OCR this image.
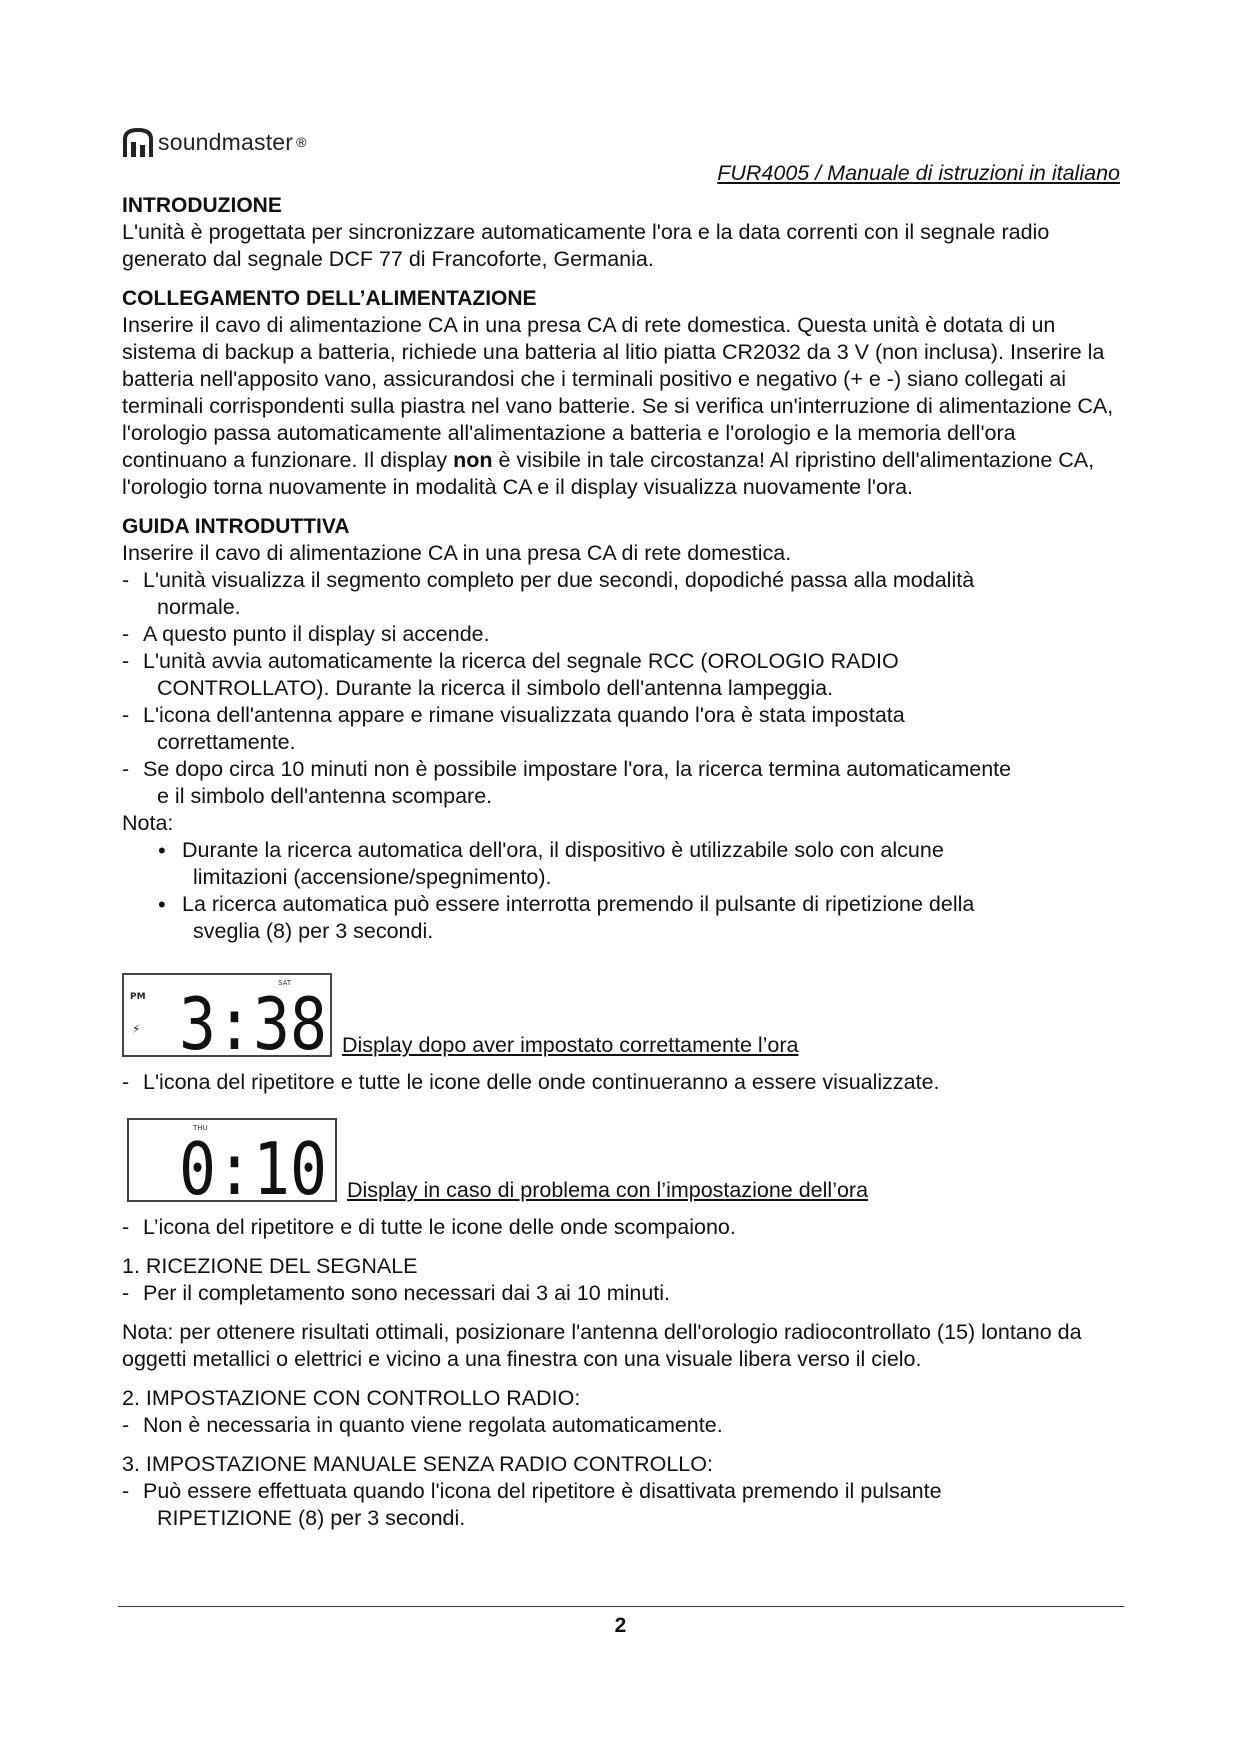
soundmaster ®
FUR4005 / Manuale di istruzioni in italiano
INTRODUZIONE

L'unità è progettata per sincronizzare automaticamente l'ora e la data correnti con il segnale radio generato dal segnale DCF 77 di Francoforte, Germania.

COLLEGAMENTO DELL’ALIMENTAZIONE

Inserire il cavo di alimentazione CA in una presa CA di rete domestica. Questa unità è dotata di un sistema di backup a batteria, richiede una batteria al litio piatta CR2032 da 3 V (non inclusa). Inserire la batteria nell'apposito vano, assicurandosi che i terminali positivo e negativo (+ e -) siano collegati ai terminali corrispondenti sulla piastra nel vano batterie. Se si verifica un'interruzione di alimentazione CA, l'orologio passa automaticamente all'alimentazione a batteria e l'orologio e la memoria dell'ora continuano a funzionare. Il display non è visibile in tale circostanza! Al ripristino dell'alimentazione CA, l'orologio torna nuovamente in modalità CA e il display visualizza nuovamente l'ora.

GUIDA INTRODUTTIVA

Inserire il cavo di alimentazione CA in una presa CA di rete domestica.

- L'unità visualizza il segmento completo per due secondi, dopodiché passa alla modalità
normale.
- A questo punto il display si accende.
- L'unità avvia automaticamente la ricerca del segnale RCC (OROLOGIO RADIO
CONTROLLATO). Durante la ricerca il simbolo dell'antenna lampeggia.
- L'icona dell'antenna appare e rimane visualizzata quando l'ora è stata impostata
correttamente.
- Se dopo circa 10 minuti non è possibile impostare l'ora, la ricerca termina automaticamente
e il simbolo dell'antenna scompare.

Nota:

• Durante la ricerca automatica dell'ora, il dispositivo è utilizzabile solo con alcune
limitazioni (accensione/spegnimento).
• La ricerca automatica può essere interrotta premendo il pulsante di ripetizione della
sveglia (8) per 3 secondi.
PM
⚡
SAT
3:38 Display dopo aver impostato correttamente l’ora
- L'icona del ripetitore e tutte le icone delle onde continueranno a essere visualizzate.
THU
0:10 Display in caso di problema con l’impostazione dell’ora
- L’icona del ripetitore e di tutte le icone delle onde scompaiono.

1. RICEZIONE DEL SEGNALE

- Per il completamento sono necessari dai 3 ai 10 minuti.

Nota: per ottenere risultati ottimali, posizionare l'antenna dell'orologio radiocontrollato (15) lontano da oggetti metallici o elettrici e vicino a una finestra con una visuale libera verso il cielo.

2. IMPOSTAZIONE CON CONTROLLO RADIO:

- Non è necessaria in quanto viene regolata automaticamente.

3. IMPOSTAZIONE MANUALE SENZA RADIO CONTROLLO:

- Può essere effettuata quando l'icona del ripetitore è disattivata premendo il pulsante
RIPETIZIONE (8) per 3 secondi.
2
